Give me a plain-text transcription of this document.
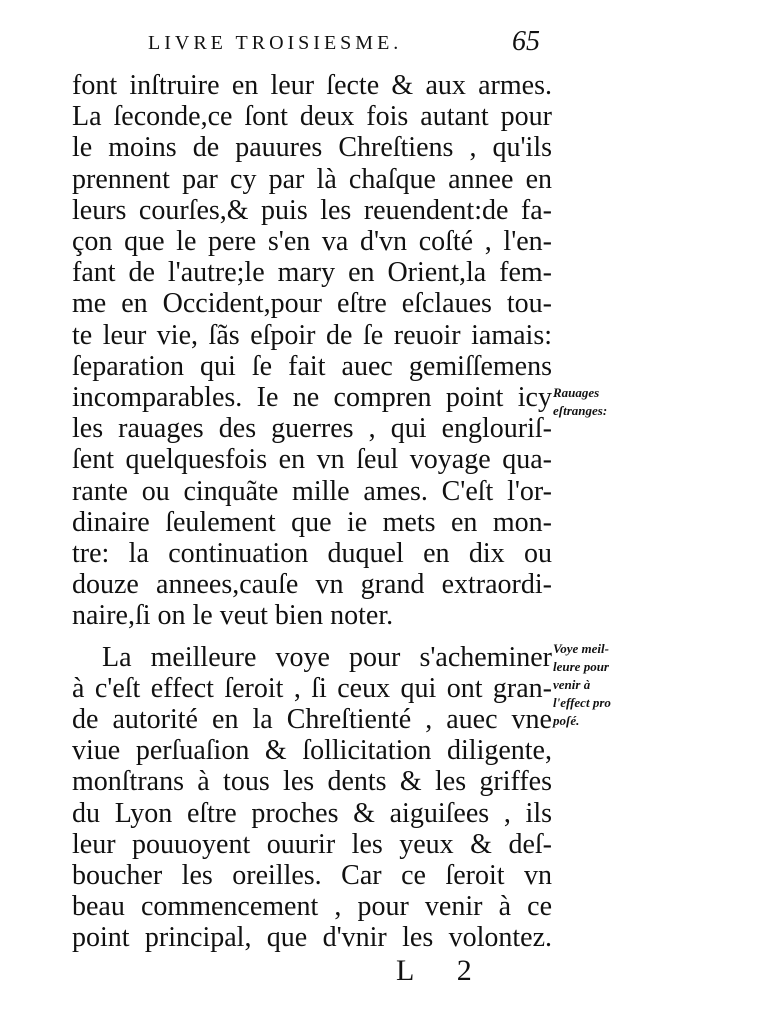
LIVRE TROISIESME.	65
font inſtruire en leur ſecte & aux armes.
La ſeconde,ce ſont deux fois autant pour
le moins de pauures Chreſtiens , qu'ils
prennent par cy par là chaſque annee en
leurs courſes,& puis les reuendent:de fa-
çon que le pere s'en va d'vn coſté , l'en-
fant de l'autre;le mary en Orient,la fem-
me en Occident,pour eſtre eſclaues tou-
te leur vie, ſãs eſpoir de ſe reuoir iamais:
ſeparation qui ſe fait auec gemiſſemens
incomparables. Ie ne compren point icy
les rauages des guerres , qui englouriſ-
ſent quelquesfois en vn ſeul voyage qua-
rante ou cinquãte mille ames. C'eſt l'or-
dinaire ſeulement que ie mets en mon-
tre: la continuation duquel en dix ou
douze annees,cauſe vn grand extraordi-
naire,ſi on le veut bien noter.
La meilleure voye pour s'acheminer
à c'eſt effect ſeroit , ſi ceux qui ont gran-
de autorité en la Chreſtienté , auec vne
viue perſuaſion & ſollicitation diligente,
monſtrans à tous les dents & les griffes
du Lyon eſtre proches & aiguiſees , ils
leur pouuoyent ouurir les yeux & deſ-
boucher les oreilles. Car ce ſeroit vn
beau commencement , pour venir à ce
point principal, que d'vnir les volontez.
Rauages
eſtranges:
Voye meil-
leure pour
venir à
l'effect pro
poſé.
L 2
